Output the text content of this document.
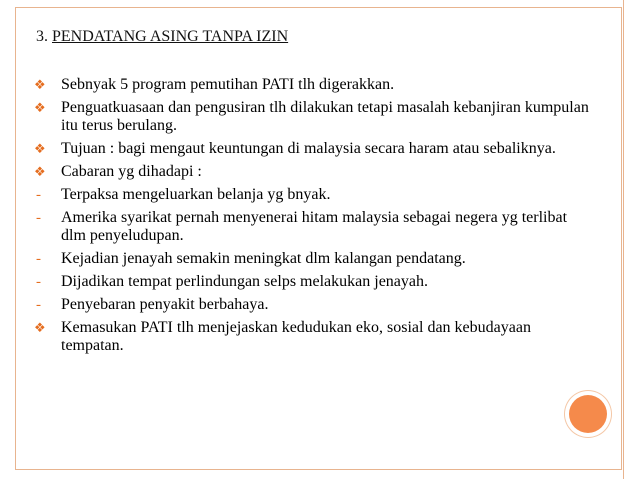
3. PENDATANG ASING TANPA IZIN
❖ Sebnyak 5 program pemutihan PATI tlh digerakkan.
❖ Penguatkuasaan dan pengusiran tlh dilakukan tetapi masalah kebanjiran kumpulan itu terus berulang.
❖ Tujuan : bagi mengaut keuntungan di malaysia secara haram atau sebaliknya.
❖ Cabaran yg dihadapi :
-	Terpaksa mengeluarkan belanja yg bnyak.
-	Amerika syarikat pernah menyenerai hitam malaysia sebagai negera yg terlibat dlm penyeludupan.
-	Kejadian jenayah semakin meningkat dlm kalangan pendatang.
-	Dijadikan tempat perlindungan selps melakukan jenayah.
-	Penyebaran penyakit berbahaya.
❖ Kemasukan PATI tlh menjejaskan kedudukan eko, sosial dan kebudayaan tempatan.
